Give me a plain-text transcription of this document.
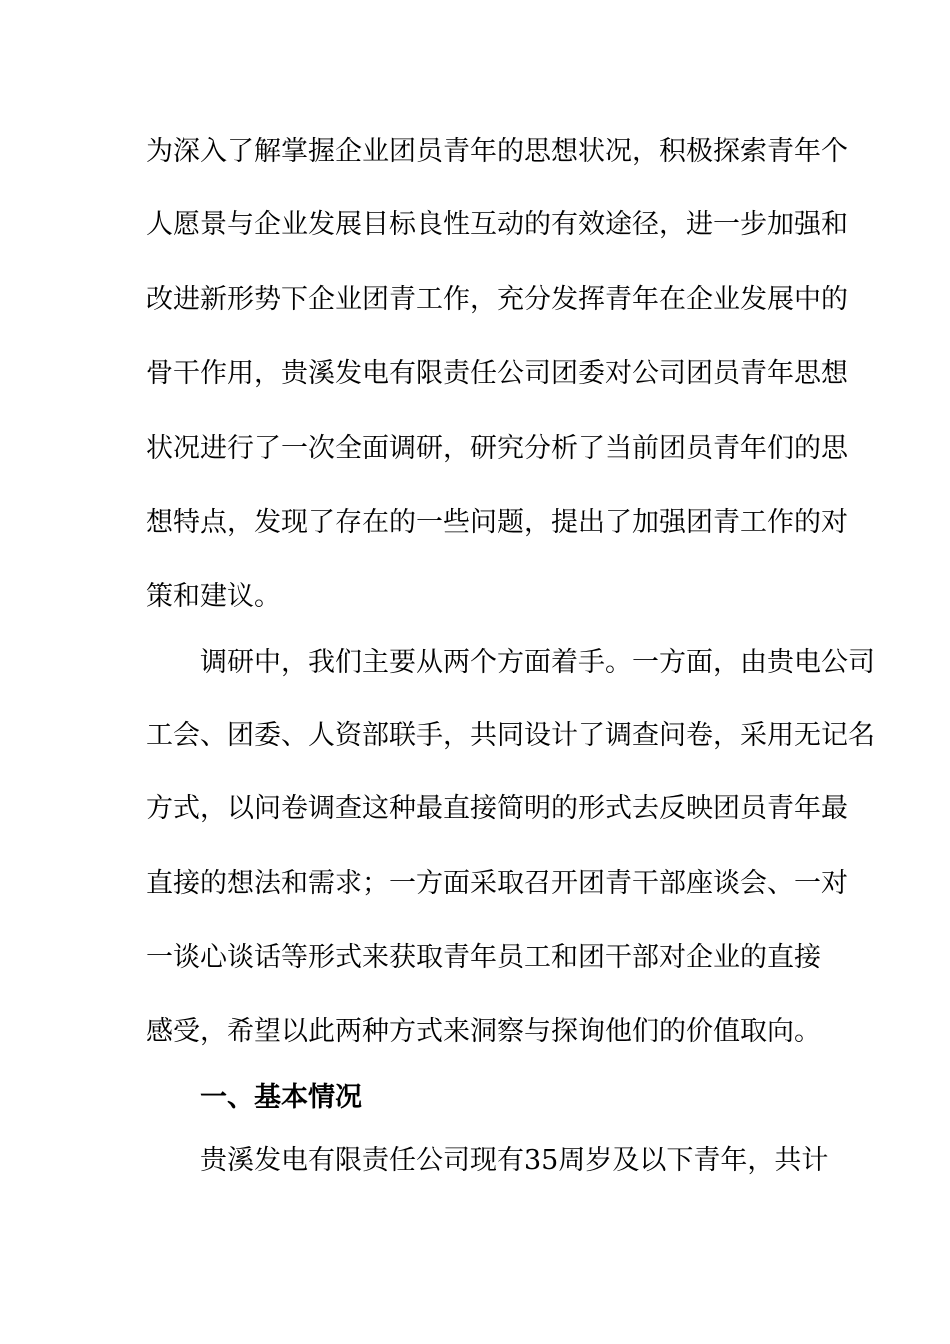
为深入了解掌握企业团员青年的思想状况，积极探索青年个
人愿景与企业发展目标良性互动的有效途径，进一步加强和
改进新形势下企业团青工作，充分发挥青年在企业发展中的
骨干作用，贵溪发电有限责任公司团委对公司团员青年思想
状况进行了一次全面调研，研究分析了当前团员青年们的思
想特点，发现了存在的一些问题，提出了加强团青工作的对
策和建议。
调研中，我们主要从两个方面着手。一方面，由贵电公司
工会、团委、人资部联手，共同设计了调查问卷，采用无记名
方式，以问卷调查这种最直接简明的形式去反映团员青年最
直接的想法和需求；一方面采取召开团青干部座谈会、一对
一谈心谈话等形式来获取青年员工和团干部对企业的直接
感受，希望以此两种方式来洞察与探询他们的价值取向。
一、基本情况
贵溪发电有限责任公司现有35周岁及以下青年，共计
